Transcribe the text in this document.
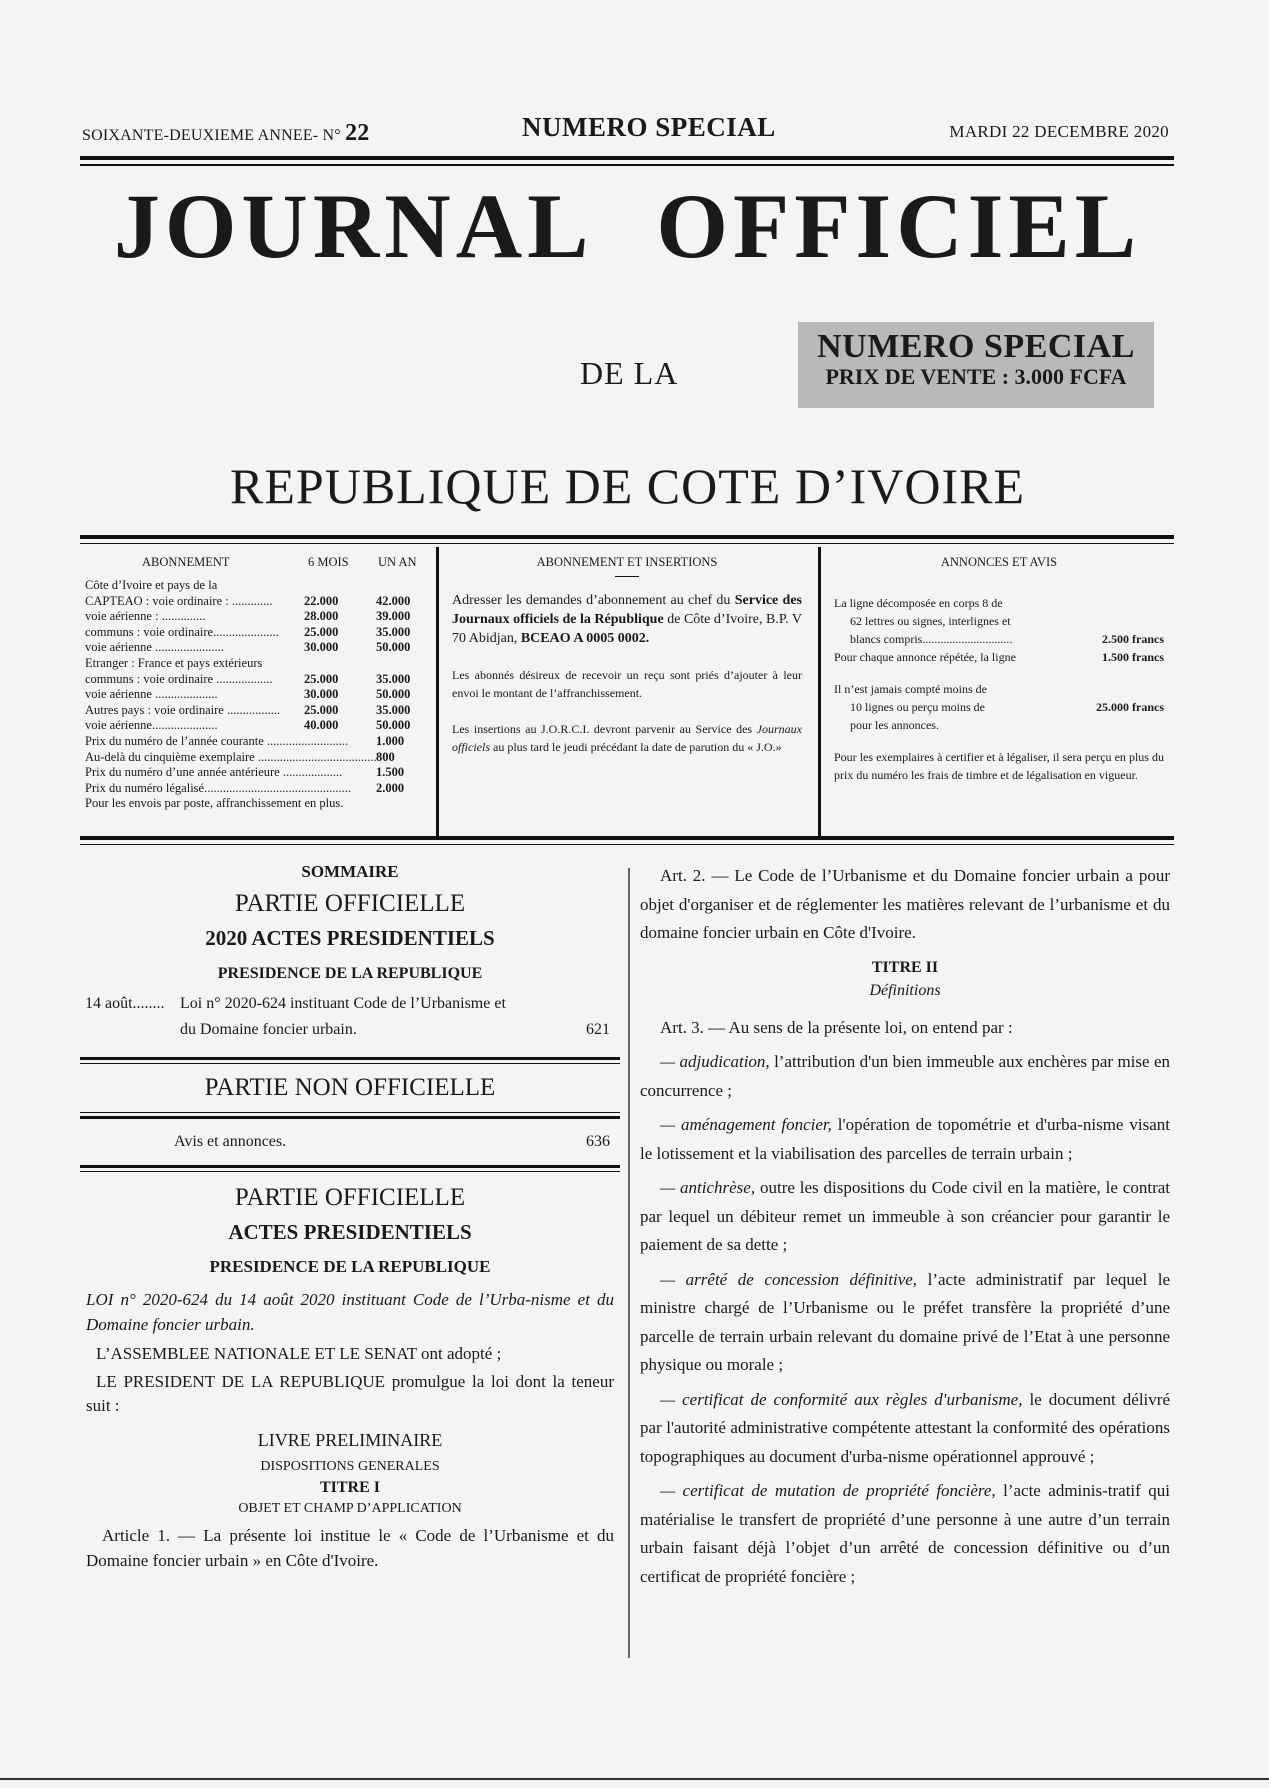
SOIXANTE-DEUXIEME ANNEE- N° 22	NUMERO SPECIAL	MARDI 22 DECEMBRE 2020
JOURNAL OFFICIEL
DE LA
NUMERO SPECIAL
PRIX DE VENTE : 3.000 FCFA
REPUBLIQUE DE COTE D’IVOIRE
ABONNEMENT	6 MOIS UN AN
Côte d’Ivoire et pays de la
CAPTEAO : voie ordinaire : .............	22.000	42.000
voie aérienne : ..............	28.000	39.000
communs : voie ordinaire..................... 25.000	35.000
voie aérienne ......................	30.000	50.000
Etranger : France et pays extérieurs
communs : voie ordinaire ..................	25.000	35.000
voie aérienne ....................	30.000	50.000
Autres pays : voie ordinaire ................. 25.000	35.000
voie aérienne.....................	40.000	50.000
Prix du numéro de l’année courante .......................... 1.000
Au-delà du cinquième exemplaire ...................................... 800
Prix du numéro d’une année antérieure ...................	1.500
Prix du numéro légalisé............................................... 2.000
Pour les envois par poste, affranchissement en plus.
ABONNEMENT ET INSERTIONS
Adresser les demandes d’abonnement au chef du Service des Journaux officiels de la République de Côte d’Ivoire, B.P. V 70 Abidjan, BCEAO A 0005 0002.
Les abonnés désireux de recevoir un reçu sont priés d’ajouter à leur envoi le montant de l’affranchissement.
Les insertions au J.O.R.C.I. devront parvenir au Service des Journaux officiels au plus tard le jeudi précédant la date de parution du « J.O.»
ANNONCES ET AVIS
La ligne décomposée en corps 8 de
62 lettres ou signes, interlignes et
blancs compris..............................	2.500 francs
Pour chaque annonce répétée, la ligne	1.500 francs
Il n’est jamais compté moins de
10 lignes ou perçu moins de	25.000 francs
pour les annonces.
Pour les exemplaires à certifier et à légaliser, il sera perçu en plus du prix du numéro les frais de timbre et de légalisation en vigueur.
SOMMAIRE
PARTIE OFFICIELLE
2020 ACTES PRESIDENTIELS
PRESIDENCE DE LA REPUBLIQUE
14 août........ Loi n° 2020-624 instituant Code de l’Urbanisme et
du Domaine foncier urbain.	621
PARTIE NON OFFICIELLE
Avis et annonces.	636
PARTIE OFFICIELLE
ACTES PRESIDENTIELS
PRESIDENCE DE LA REPUBLIQUE
LOI n° 2020-624 du 14 août 2020 instituant Code de l’Urba-nisme et du Domaine foncier urbain.
L’ASSEMBLEE NATIONALE ET LE SENAT ont adopté ;
LE PRESIDENT DE LA REPUBLIQUE promulgue la loi dont la teneur suit :
LIVRE PRELIMINAIRE
DISPOSITIONS GENERALES
TITRE I
OBJET ET CHAMP D’APPLICATION
Article 1. — La présente loi institue le « Code de l’Urbanisme et du Domaine foncier urbain » en Côte d'Ivoire.

Art. 2. — Le Code de l’Urbanisme et du Domaine foncier urbain a pour objet d'organiser et de réglementer les matières relevant de l’urbanisme et du domaine foncier urbain en Côte d'Ivoire.

TITRE II

Définitions

Art. 3. — Au sens de la présente loi, on entend par :

— adjudication, l’attribution d'un bien immeuble aux enchères par mise en concurrence ;

— aménagement foncier, l'opération de topométrie et d'urba-nisme visant le lotissement et la viabilisation des parcelles de terrain urbain ;

— antichrèse, outre les dispositions du Code civil en la matière, le contrat par lequel un débiteur remet un immeuble à son créancier pour garantir le paiement de sa dette ;

— arrêté de concession définitive, l’acte administratif par lequel le ministre chargé de l’Urbanisme ou le préfet transfère la propriété d’une parcelle de terrain urbain relevant du domaine privé de l’Etat à une personne physique ou morale ;

— certificat de conformité aux règles d'urbanisme, le document délivré par l'autorité administrative compétente attestant la conformité des opérations topographiques au document d'urba-nisme opérationnel approuvé ;

— certificat de mutation de propriété foncière, l’acte adminis-tratif qui matérialise le transfert de propriété d’une personne à une autre d’un terrain urbain faisant déjà l’objet d’un arrêté de concession définitive ou d’un certificat de propriété foncière ;
